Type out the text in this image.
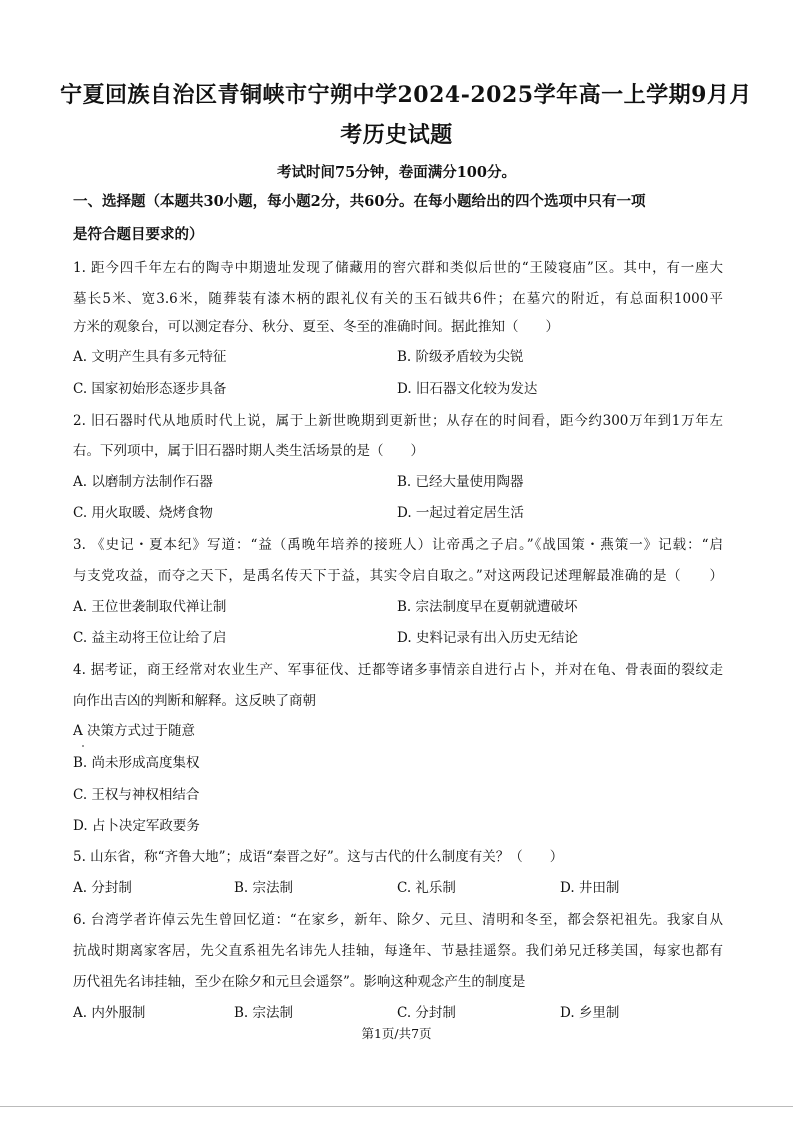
宁夏回族自治区青铜峡市宁朔中学2024-2025学年高一上学期9月月
考历史试题
考试时间75分钟，卷面满分100分。
一、选择题（本题共30小题，每小题2分，共60分。在每小题给出的四个选项中只有一项
是符合题目要求的）
1. 距今四千年左右的陶寺中期遗址发现了储藏用的窖穴群和类似后世的“王陵寝庙”区。其中，有一座大
墓长5米、宽3.6米，随葬装有漆木柄的跟礼仪有关的玉石钺共6件；在墓穴的附近，有总面积1000平
方米的观象台，可以测定春分、秋分、夏至、冬至的准确时间。据此推知（　　）
A. 文明产生具有多元特征	B. 阶级矛盾较为尖锐
C. 国家初始形态逐步具备	D. 旧石器文化较为发达
2. 旧石器时代从地质时代上说，属于上新世晚期到更新世；从存在的时间看，距今约300万年到1万年左
右。下列项中，属于旧石器时期人类生活场景的是（　　）
A. 以磨制方法制作石器	B. 已经大量使用陶器
C. 用火取暖、烧烤食物	D. 一起过着定居生活
3. 《史记・夏本纪》写道：“益（禹晚年培养的接班人）让帝禹之子启。”《战国策・燕策一》记载：“启
与支党攻益，而夺之天下，是禹名传天下于益，其实令启自取之。”对这两段记述理解最准确的是（　　）
A. 王位世袭制取代禅让制	B. 宗法制度早在夏朝就遭破坏
C. 益主动将王位让给了启	D. 史料记录有出入历史无结论
4. 据考证，商王经常对农业生产、军事征伐、迁都等诸多事情亲自进行占卜，并对在龟、骨表面的裂纹走
向作出吉凶的判断和解释。这反映了商朝
A 决策方式过于随意
B. 尚未形成高度集权
C. 王权与神权相结合
D. 占卜决定军政要务
5. 山东省，称“齐鲁大地”；成语“秦晋之好”。这与古代的什么制度有关？（　　）
A. 分封制	B. 宗法制	C. 礼乐制	D. 井田制
6. 台湾学者许倬云先生曾回忆道：“在家乡，新年、除夕、元旦、清明和冬至，都会祭祀祖先。我家自从
抗战时期离家客居，先父直系祖先名讳先人挂轴，每逢年、节悬挂遥祭。我们弟兄迁移美国，每家也都有
历代祖先名讳挂轴，至少在除夕和元旦会遥祭”。影响这种观念产生的制度是
A. 内外服制	B. 宗法制	C. 分封制	D. 乡里制
第1页/共7页
